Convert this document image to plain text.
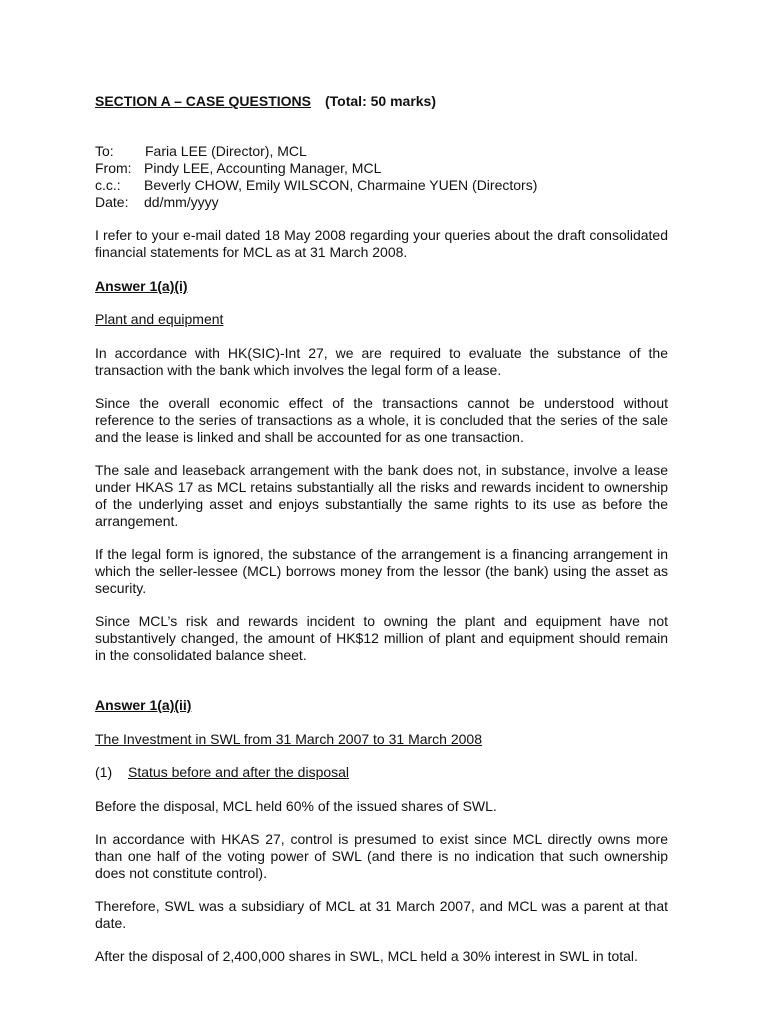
SECTION A – CASE QUESTIONS (Total: 50 marks)
To: Faria LEE (Director), MCL
From: Pindy LEE, Accounting Manager, MCL
c.c.: Beverly CHOW, Emily WILSCON, Charmaine YUEN (Directors)
Date: dd/mm/yyyy
I refer to your e-mail dated 18 May 2008 regarding your queries about the draft consolidated financial statements for MCL as at 31 March 2008.
Answer 1(a)(i)
Plant and equipment
In accordance with HK(SIC)-Int 27, we are required to evaluate the substance of the transaction with the bank which involves the legal form of a lease.
Since the overall economic effect of the transactions cannot be understood without reference to the series of transactions as a whole, it is concluded that the series of the sale and the lease is linked and shall be accounted for as one transaction.
The sale and leaseback arrangement with the bank does not, in substance, involve a lease under HKAS 17 as MCL retains substantially all the risks and rewards incident to ownership of the underlying asset and enjoys substantially the same rights to its use as before the arrangement.
If the legal form is ignored, the substance of the arrangement is a financing arrangement in which the seller-lessee (MCL) borrows money from the lessor (the bank) using the asset as security.
Since MCL’s risk and rewards incident to owning the plant and equipment have not substantively changed, the amount of HK$12 million of plant and equipment should remain in the consolidated balance sheet.
Answer 1(a)(ii)
The Investment in SWL from 31 March 2007 to 31 March 2008
(1) Status before and after the disposal
Before the disposal, MCL held 60% of the issued shares of SWL.
In accordance with HKAS 27, control is presumed to exist since MCL directly owns more than one half of the voting power of SWL (and there is no indication that such ownership does not constitute control).
Therefore, SWL was a subsidiary of MCL at 31 March 2007, and MCL was a parent at that date.
After the disposal of 2,400,000 shares in SWL, MCL held a 30% interest in SWL in total.
